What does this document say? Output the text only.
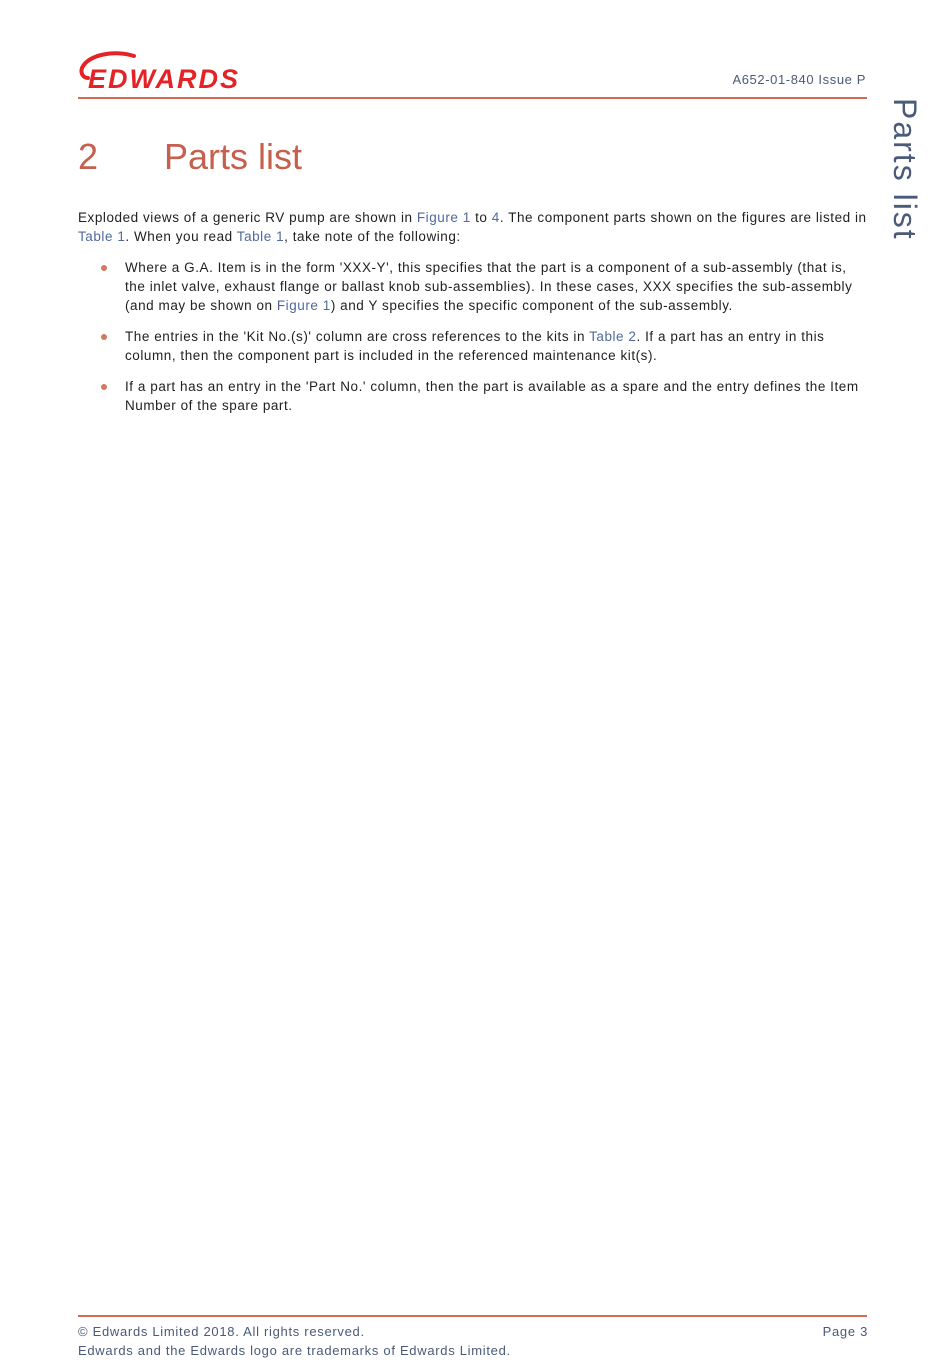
EDWARDS	A652-01-840 Issue P
Parts list
2 Parts list

Exploded views of a generic RV pump are shown in Figure 1 to 4. The component parts shown on the figures are listed in Table 1. When you read Table 1, take note of the following:

Where a G.A. Item is in the form 'XXX-Y', this specifies that the part is a component of a sub-assembly (that is, the inlet valve, exhaust flange or ballast knob sub-assemblies). In these cases, XXX specifies the sub-assembly (and may be shown on Figure 1) and Y specifies the specific component of the sub-assembly.
The entries in the 'Kit No.(s)' column are cross references to the kits in Table 2. If a part has an entry in this column, then the component part is included in the referenced maintenance kit(s).
If a part has an entry in the 'Part No.' column, then the part is available as a spare and the entry defines the Item Number of the spare part.
© Edwards Limited 2018. All rights reserved.
Edwards and the Edwards logo are trademarks of Edwards Limited.
Page 3
